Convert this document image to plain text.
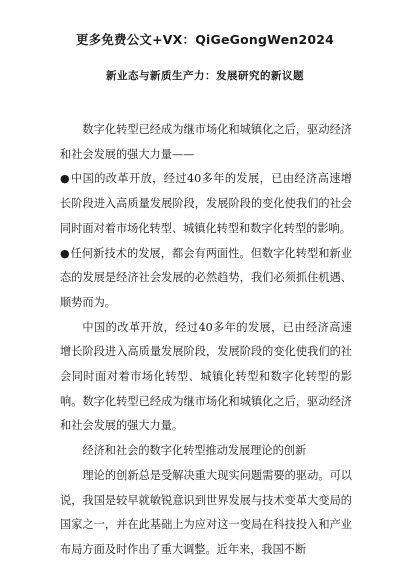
更多免费公文+VX：QiGeGongWen2024
新业态与新质生产力：发展研究的新议题

数字化转型已经成为继市场化和城镇化之后，驱动经济和社会发展的强大力量——

●中国的改革开放，经过40多年的发展，已由经济高速增长阶段进入高质量发展阶段，发展阶段的变化使我们的社会同时面对着市场化转型、城镇化转型和数字化转型的影响。

●任何新技术的发展，都会有两面性。但数字化转型和新业态的发展是经济社会发展的必然趋势，我们必须抓住机遇、顺势而为。

中国的改革开放，经过40多年的发展，已由经济高速增长阶段进入高质量发展阶段，发展阶段的变化使我们的社会同时面对着市场化转型、城镇化转型和数字化转型的影响。数字化转型已经成为继市场化和城镇化之后，驱动经济和社会发展的强大力量。

经济和社会的数字化转型推动发展理论的创新

理论的创新总是受解决重大现实问题需要的驱动。可以说，我国是较早就敏锐意识到世界发展与技术变革大变局的国家之一，并在此基础上为应对这一变局在科技投入和产业布局方面及时作出了重大调整。近年来，我国不断
